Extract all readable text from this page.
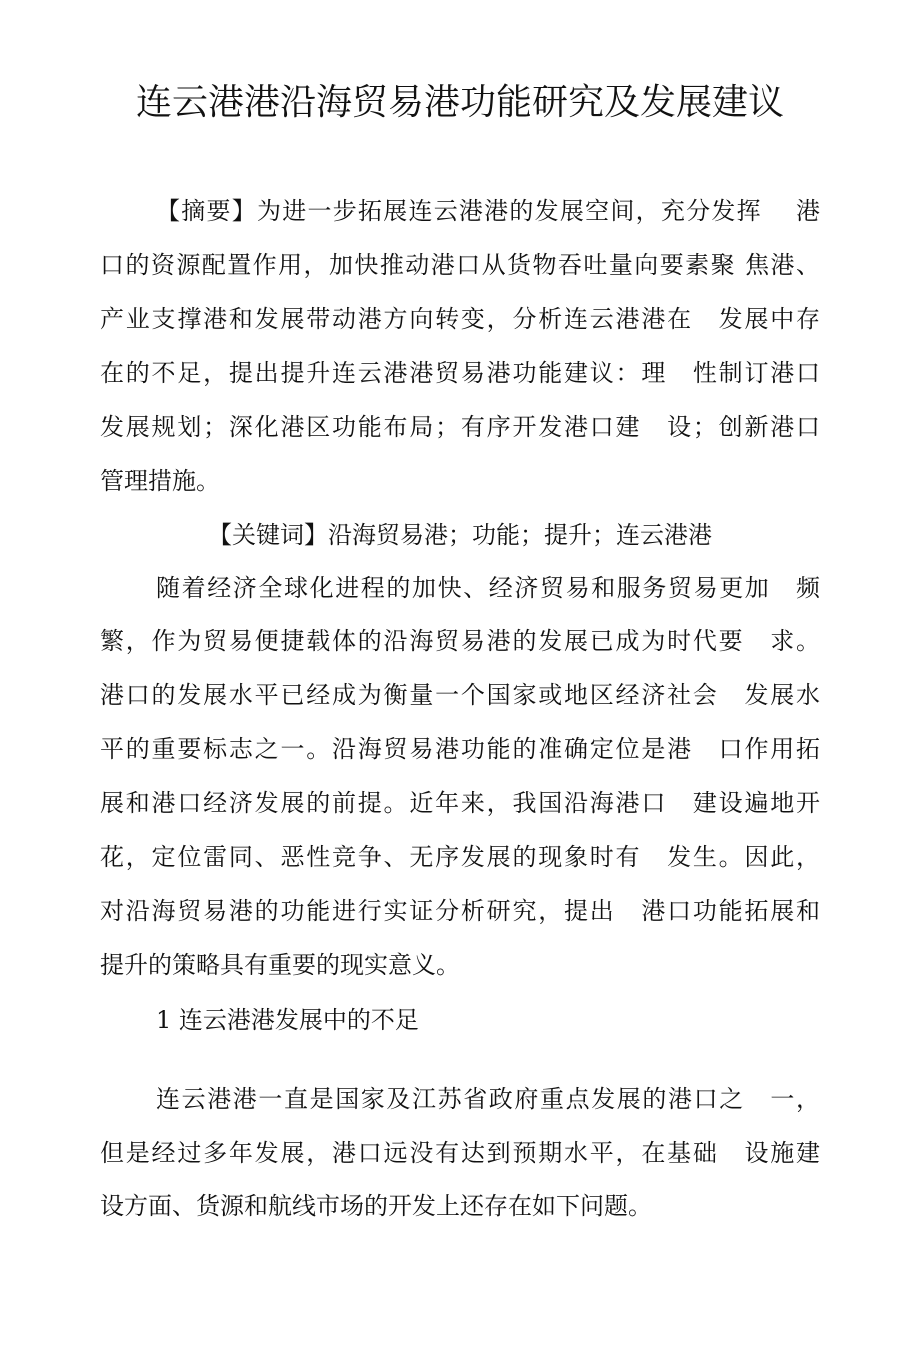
连云港港沿海贸易港功能研究及发展建议
【摘要】为进一步拓展连云港港的发展空间，充分发挥　 港
口的资源配置作用，加快推动港口从货物吞吐量向要素聚 焦港、
产业支撑港和发展带动港方向转变，分析连云港港在　发展中存
在的不足，提出提升连云港港贸易港功能建议：理　性制订港口
发展规划；深化港区功能布局；有序开发港口建　设；创新港口
管理措施。
【关键词】沿海贸易港；功能；提升；连云港港
随着经济全球化进程的加快、经济贸易和服务贸易更加　频
繁，作为贸易便捷载体的沿海贸易港的发展已成为时代要　求。
港口的发展水平已经成为衡量一个国家或地区经济社会　发展水
平的重要标志之一。沿海贸易港功能的准确定位是港　口作用拓
展和港口经济发展的前提。近年来，我国沿海港口　建设遍地开
花，定位雷同、恶性竞争、无序发展的现象时有　发生。因此，
对沿海贸易港的功能进行实证分析研究，提出　港口功能拓展和
提升的策略具有重要的现实意义。
1 连云港港发展中的不足
连云港港一直是国家及江苏省政府重点发展的港口之　一，
但是经过多年发展，港口远没有达到预期水平，在基础　设施建
设方面、货源和航线市场的开发上还存在如下问题。
